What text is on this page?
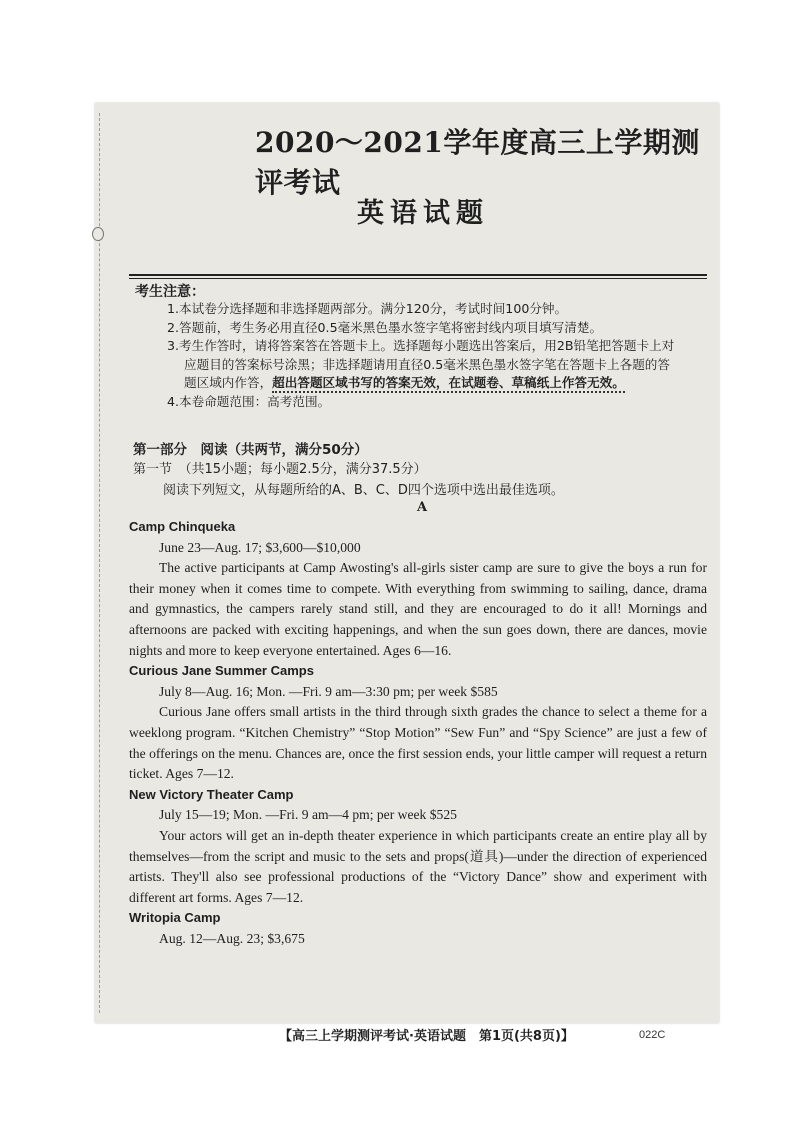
2020～2021学年度高三上学期测评考试
英语试题
考生注意：
1.本试卷分选择题和非选择题两部分。满分120分，考试时间100分钟。
2.答题前，考生务必用直径0.5毫米黑色墨水签字笔将密封线内项目填写清楚。
3.考生作答时，请将答案答在答题卡上。选择题每小题选出答案后，用2B铅笔把答题卡上对
应题目的答案标号涂黑；非选择题请用直径0.5毫米黑色墨水签字笔在答题卡上各题的答
题区域内作答，超出答题区域书写的答案无效，在试题卷、草稿纸上作答无效。
4.本卷命题范围：高考范围。
第一部分　阅读（共两节，满分50分）
第一节　（共15小题；每小题2.5分，满分37.5分）
阅读下列短文，从每题所给的A、B、C、D四个选项中选出最佳选项。
A
Camp Chinqueka
June 23—Aug. 17; $3,600—$10,000
The active participants at Camp Awosting's all-girls sister camp are sure to give the boys a run for their money when it comes time to compete. With everything from swimming to sailing, dance, drama and gymnastics, the campers rarely stand still, and they are encouraged to do it all! Mornings and afternoons are packed with exciting happenings, and when the sun goes down, there are dances, movie nights and more to keep everyone entertained. Ages 6—16.
Curious Jane Summer Camps
July 8—Aug. 16; Mon. —Fri. 9 am—3:30 pm; per week $585
Curious Jane offers small artists in the third through sixth grades the chance to select a theme for a weeklong program. “Kitchen Chemistry” “Stop Motion” “Sew Fun” and “Spy Science” are just a few of the offerings on the menu. Chances are, once the first session ends, your little camper will request a return ticket. Ages 7—12.
New Victory Theater Camp
July 15—19; Mon. —Fri. 9 am—4 pm; per week $525
Your actors will get an in-depth theater experience in which participants create an entire play all by themselves—from the script and music to the sets and props(道具)—under the direction of experienced artists. They'll also see professional productions of the “Victory Dance” show and experiment with different art forms. Ages 7—12.
Writopia Camp
Aug. 12—Aug. 23; $3,675
【高三上学期测评考试·英语试题　第1页(共8页)】	022C
